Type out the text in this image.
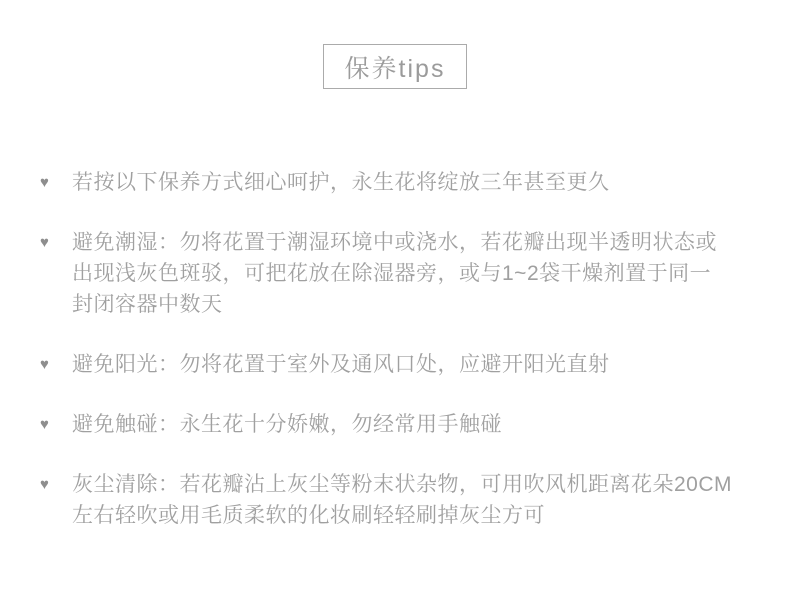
保养tips
♥	若按以下保养方式细心呵护，永生花将绽放三年甚至更久
♥	避免潮湿：勿将花置于潮湿环境中或浇水，若花瓣出现半透明状态或
出现浅灰色斑驳，可把花放在除湿器旁，或与1~2袋干燥剂置于同一
封闭容器中数天
♥	避免阳光：勿将花置于室外及通风口处，应避开阳光直射
♥	避免触碰：永生花十分娇嫩，勿经常用手触碰
♥	灰尘清除：若花瓣沾上灰尘等粉末状杂物，可用吹风机距离花朵20CM
左右轻吹或用毛质柔软的化妆刷轻轻刷掉灰尘方可
